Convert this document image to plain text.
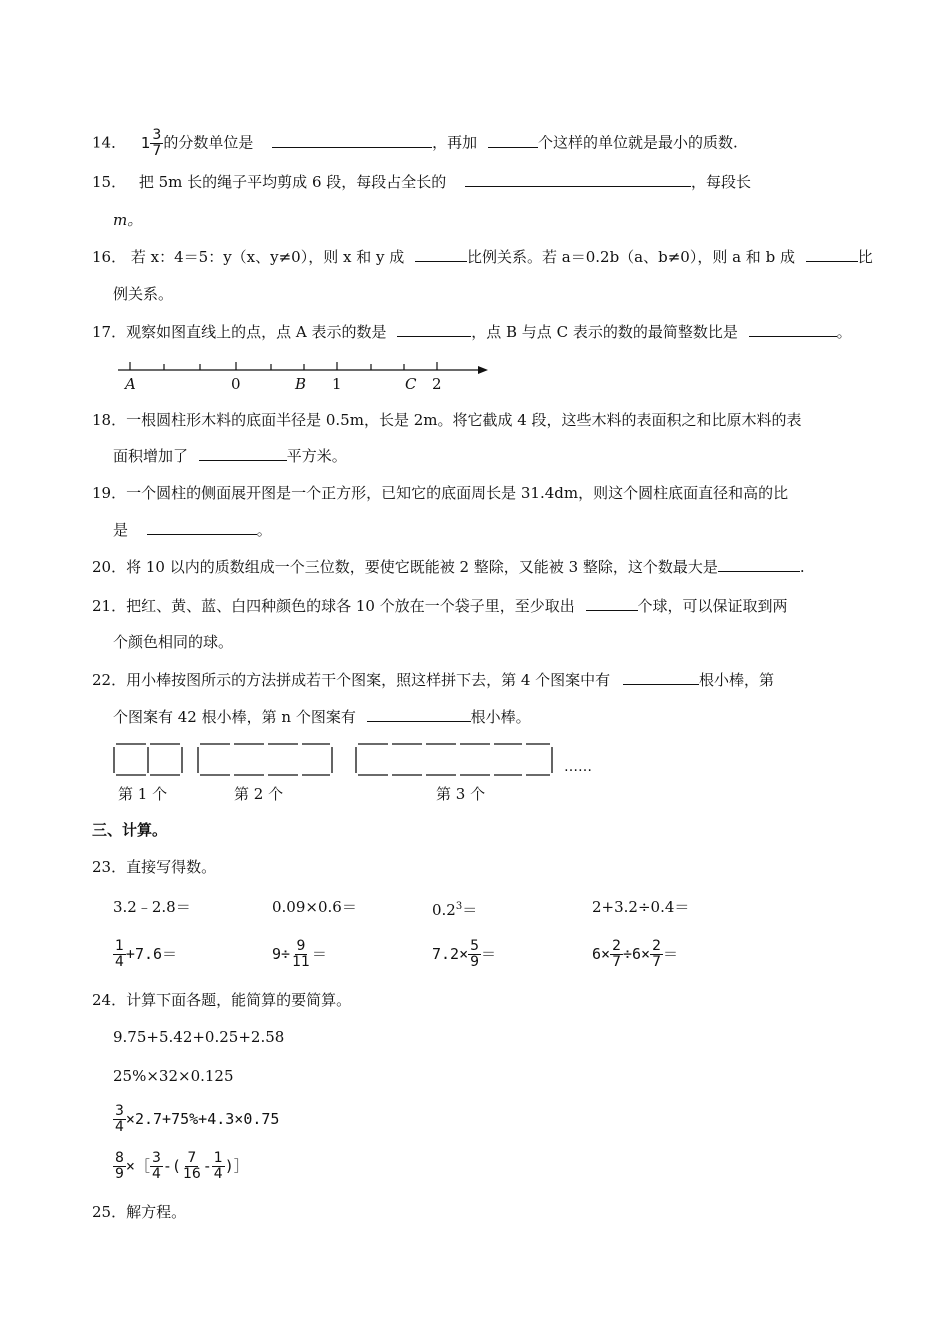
14． $1 \frac{3}{7}$ 的分数单位是	，再加	个这样的单位就是最小的质数.
15． 把 5m 长的绳子平均剪成 6 段，每段占全长的	，每段长
m。
16． 若 x：4＝5：y（x、y≠0），则 x 和 y 成	比例关系。若 a＝0.2b（a、b≠0），则 a 和 b 成	比
例关系。
17．观察如图直线上的点，点 A 表示的数是	，点 B 与点 C 表示的数的最简整数比是	。
A	0	B 1	C 2
18．一根圆柱形木料的底面半径是 0.5m，长是 2m。将它截成 4 段，这些木料的表面积之和比原木料的表
面积增加了	平方米。
19．一个圆柱的侧面展开图是一个正方形，已知它的底面周长是 31.4dm，则这个圆柱底面直径和高的比
是	。
20．将 10 以内的质数组成一个三位数，要使它既能被 2 整除，又能被 3 整除，这个数最大是	.
21．把红、黄、蓝、白四种颜色的球各 10 个放在一个袋子里，至少取出	个球，可以保证取到两
个颜色相同的球。
22．用小棒按图所示的方法拼成若干个图案，照这样拼下去，第 4 个图案中有	根小棒，第
个图案有 42 根小棒，第 n 个图案有	根小棒。
……
第 1 个	第 2 个	第 3 个
三、计算。
23．直接写得数。
3.2﹣2.8＝	0.09×0.6＝	$0.2^3=$	2+3.2÷0.4＝
$\frac{1}{4} +7.6=$	$9\div \frac{9}{11}$ ＝	$7.2\times \frac{5}{9}$ ＝	$6\times \frac{2}{7} \div 6\times \frac{2}{7}$ ＝
24．计算下面各题，能简算的要简算。
9.75+5.42+0.25+2.58
25%×32×0.125
$\frac{3}{4} \times 2.7+75\%+4.3\times 0.75$
$\frac{8}{9}$ ×［ $\frac{3}{4}$ -( $\frac{7}{16} - \frac{1}{4}$ )］
25．解方程。
